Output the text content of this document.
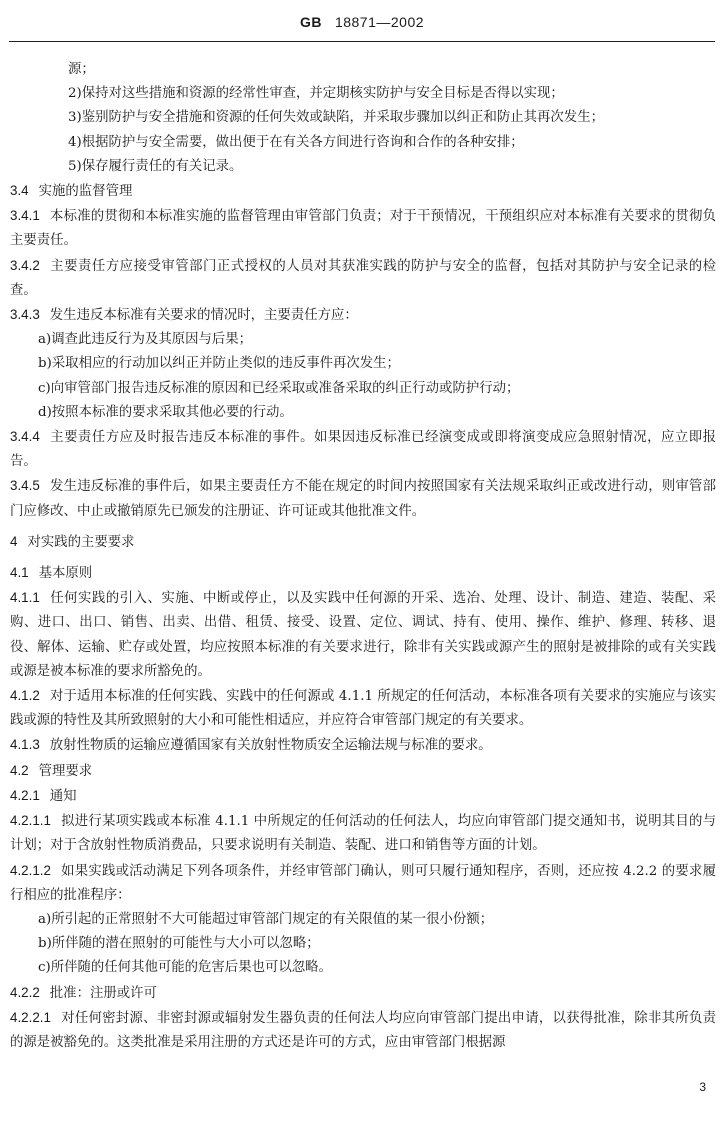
GB 18871—2002

源；

2)保持对这些措施和资源的经常性审查，并定期核实防护与安全目标是否得以实现；

3)鉴别防护与安全措施和资源的任何失效或缺陷，并采取步骤加以纠正和防止其再次发生；

4)根据防护与安全需要，做出便于在有关各方间进行咨询和合作的各种安排；

5)保存履行责任的有关记录。

3.4 实施的监督管理

3.4.1 本标准的贯彻和本标准实施的监督管理由审管部门负责；对于干预情况，干预组织应对本标准有关要求的贯彻负主要责任。

3.4.2 主要责任方应接受审管部门正式授权的人员对其获准实践的防护与安全的监督，包括对其防护与安全记录的检查。

3.4.3 发生违反本标准有关要求的情况时，主要责任方应：

a)调查此违反行为及其原因与后果；

b)采取相应的行动加以纠正并防止类似的违反事件再次发生；

c)向审管部门报告违反标准的原因和已经采取或准备采取的纠正行动或防护行动；

d)按照本标准的要求采取其他必要的行动。

3.4.4 主要责任方应及时报告违反本标准的事件。如果因违反标准已经演变成或即将演变成应急照射情况，应立即报告。

3.4.5 发生违反标准的事件后，如果主要责任方不能在规定的时间内按照国家有关法规采取纠正或改进行动，则审管部门应修改、中止或撤销原先已颁发的注册证、许可证或其他批准文件。

4 对实践的主要要求

4.1 基本原则

4.1.1 任何实践的引入、实施、中断或停止，以及实践中任何源的开采、选冶、处理、设计、制造、建造、装配、采购、进口、出口、销售、出卖、出借、租赁、接受、设置、定位、调试、持有、使用、操作、维护、修理、转移、退役、解体、运输、贮存或处置，均应按照本标准的有关要求进行，除非有关实践或源产生的照射是被排除的或有关实践或源是被本标准的要求所豁免的。

4.1.2 对于适用本标准的任何实践、实践中的任何源或 4.1.1 所规定的任何活动，本标准各项有关要求的实施应与该实践或源的特性及其所致照射的大小和可能性相适应，并应符合审管部门规定的有关要求。

4.1.3 放射性物质的运输应遵循国家有关放射性物质安全运输法规与标准的要求。

4.2 管理要求

4.2.1 通知

4.2.1.1 拟进行某项实践或本标准 4.1.1 中所规定的任何活动的任何法人，均应向审管部门提交通知书，说明其目的与计划；对于含放射性物质消费品，只要求说明有关制造、装配、进口和销售等方面的计划。

4.2.1.2 如果实践或活动满足下列各项条件，并经审管部门确认，则可只履行通知程序，否则，还应按 4.2.2 的要求履行相应的批准程序：

a)所引起的正常照射不大可能超过审管部门规定的有关限值的某一很小份额；

b)所伴随的潜在照射的可能性与大小可以忽略；

c)所伴随的任何其他可能的危害后果也可以忽略。

4.2.2 批准：注册或许可

4.2.2.1 对任何密封源、非密封源或辐射发生器负责的任何法人均应向审管部门提出申请，以获得批准，除非其所负责的源是被豁免的。这类批准是采用注册的方式还是许可的方式，应由审管部门根据源

3
